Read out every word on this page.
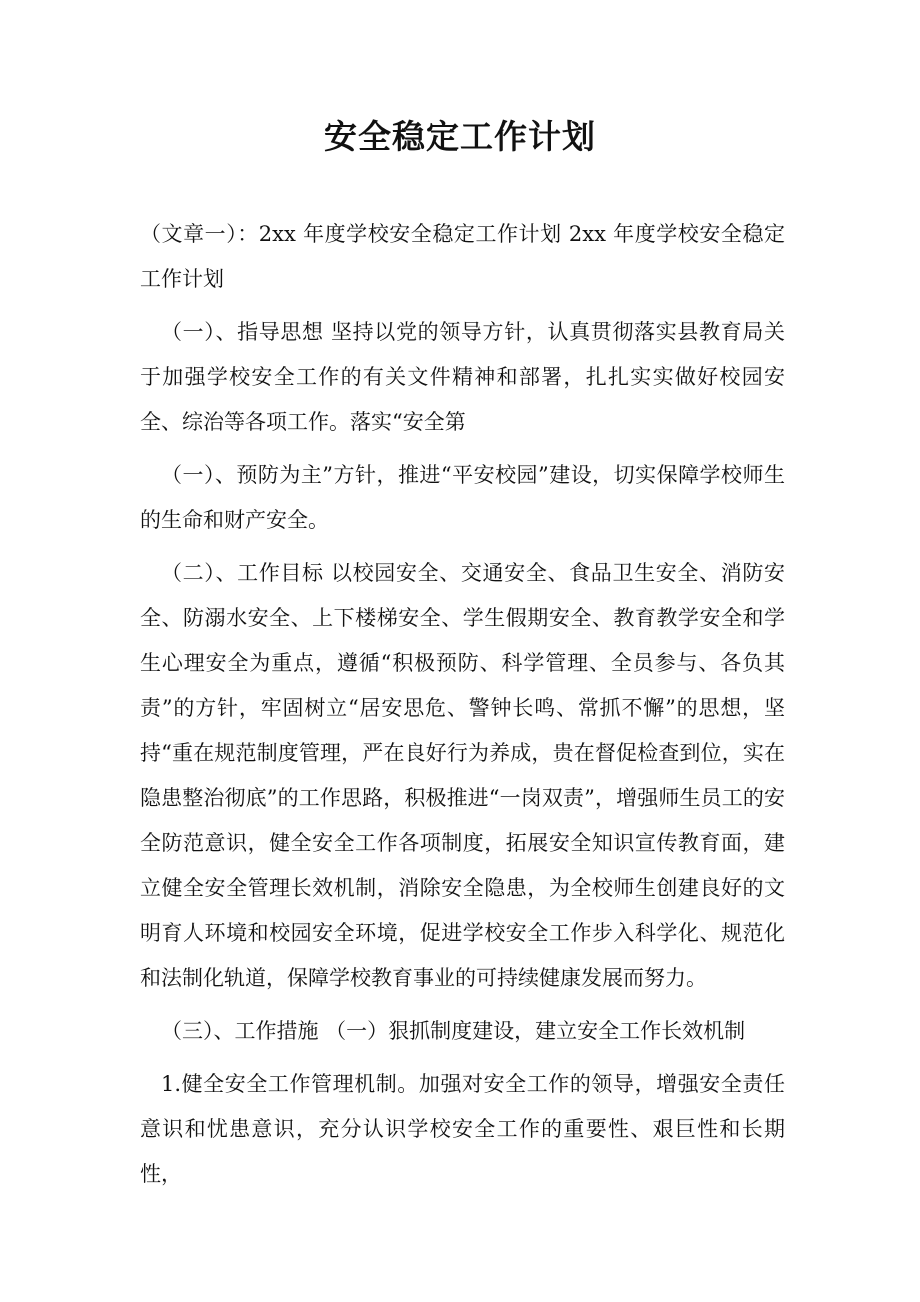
安全稳定工作计划

（文章一）：2xx 年度学校安全稳定工作计划 2xx 年度学校安全稳定工作计划

（一）、指导思想 坚持以党的领导方针，认真贯彻落实县教育局关于加强学校安全工作的有关文件精神和部署，扎扎实实做好校园安全、综治等各项工作。落实“安全第

（一）、预防为主”方针，推进“平安校园”建设，切实保障学校师生的生命和财产安全。

（二）、工作目标 以校园安全、交通安全、食品卫生安全、消防安全、防溺水安全、上下楼梯安全、学生假期安全、教育教学安全和学生心理安全为重点，遵循“积极预防、科学管理、全员参与、各负其责”的方针，牢固树立“居安思危、警钟长鸣、常抓不懈”的思想，坚持“重在规范制度管理，严在良好行为养成，贵在督促检查到位，实在隐患整治彻底”的工作思路，积极推进“一岗双责”，增强师生员工的安全防范意识，健全安全工作各项制度，拓展安全知识宣传教育面，建立健全安全管理长效机制，消除安全隐患，为全校师生创建良好的文明育人环境和校园安全环境，促进学校安全工作步入科学化、规范化和法制化轨道，保障学校教育事业的可持续健康发展而努力。

（三）、工作措施 （一）狠抓制度建设，建立安全工作长效机制

1.健全安全工作管理机制。加强对安全工作的领导，增强安全责任意识和忧患意识，充分认识学校安全工作的重要性、艰巨性和长期性，
